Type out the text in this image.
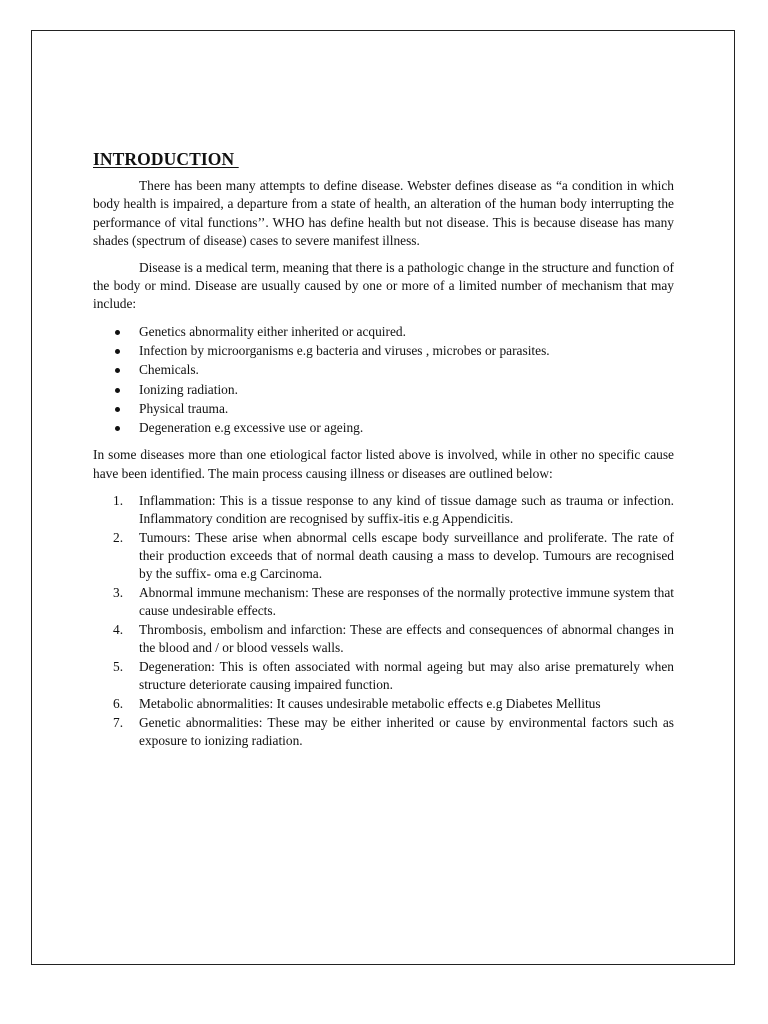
INTRODUCTION

There has been many attempts to define disease. Webster defines disease as “a condition in which body health is impaired, a departure from a state of health, an alteration of the human body interrupting the performance of vital functions’’. WHO has define health but not disease. This is because disease has many shades (spectrum of disease) cases to severe manifest illness.

Disease is a medical term, meaning that there is a pathologic change in the structure and function of the body or mind. Disease are usually caused by one or more of a limited number of mechanism that may include:

Genetics abnormality either inherited or acquired.
Infection by microorganisms e.g bacteria and viruses , microbes or parasites.
Chemicals.
Ionizing radiation.
Physical trauma.
Degeneration e.g excessive use or ageing.

In some diseases more than one etiological factor listed above is involved, while in other no specific cause have been identified. The main process causing illness or diseases are outlined below:

1. Inflammation: This is a tissue response to any kind of tissue damage such as trauma or infection. Inflammatory condition are recognised by suffix-itis e.g Appendicitis.
2. Tumours: These arise when abnormal cells escape body surveillance and proliferate. The rate of their production exceeds that of normal death causing a mass to develop. Tumours are recognised by the suffix- oma e.g Carcinoma.
3. Abnormal immune mechanism: These are responses of the normally protective immune system that cause undesirable effects.
4. Thrombosis, embolism and infarction: These are effects and consequences of abnormal changes in the blood and / or blood vessels walls.
5. Degeneration: This is often associated with normal ageing but may also arise prematurely when structure deteriorate causing impaired function.
6. Metabolic abnormalities: It causes undesirable metabolic effects e.g Diabetes Mellitus
7. Genetic abnormalities: These may be either inherited or cause by environmental factors such as exposure to ionizing radiation.
